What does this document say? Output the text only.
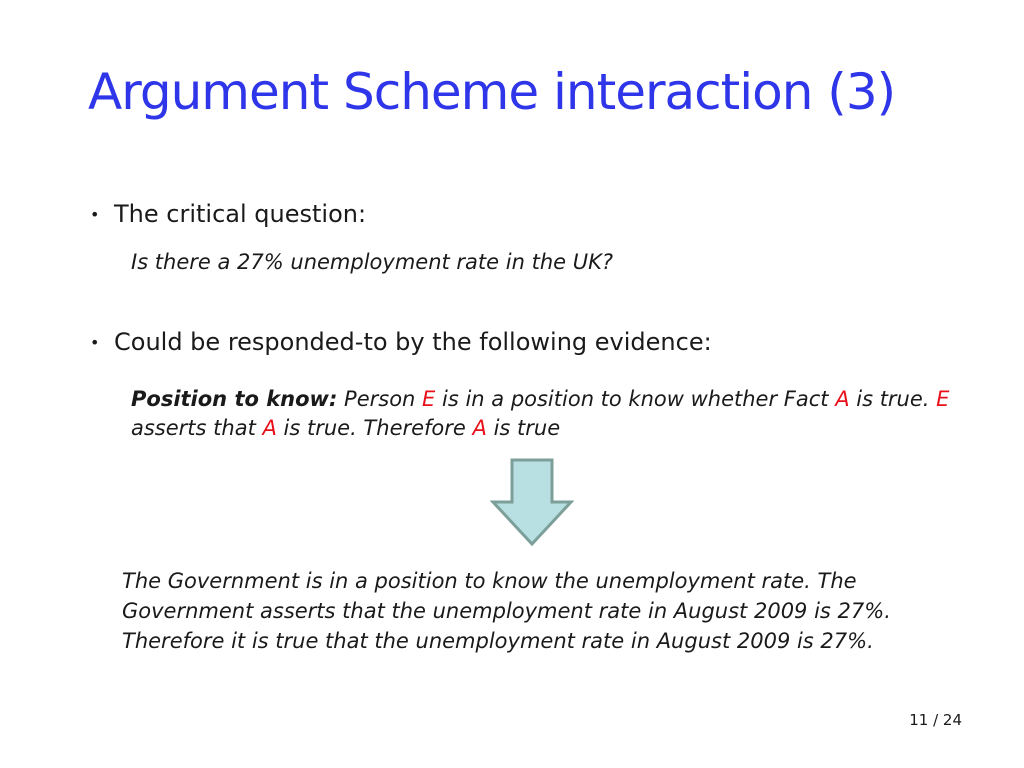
Argument Scheme interaction (3)
• The critical question:
Is there a 27% unemployment rate in the UK?
• Could be responded-to by the following evidence:
Position to know: Person E is in a position to know whether Fact A is true. E asserts that A is true. Therefore A is true
The Government is in a position to know the unemployment rate. The Government asserts that the unemployment rate in August 2009 is 27%. Therefore it is true that the unemployment rate in August 2009 is 27%.
11 / 24
